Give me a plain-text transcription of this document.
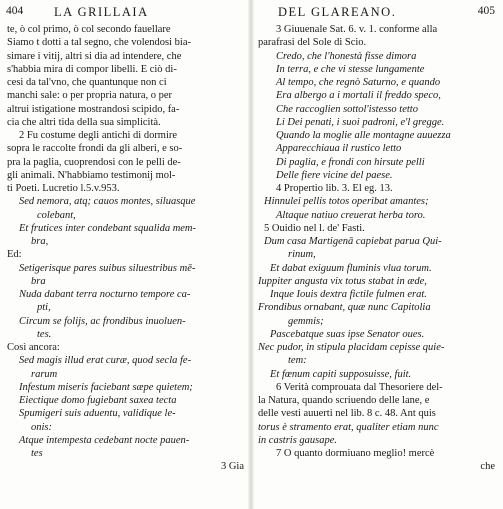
404 LA GRILLAIA
te, ò col primo, ò col secondo fauellare
Siamo t dotti a tal segno, che volendosi bia-
simare i vitij, altri si dia ad intendere, che
s'habbia mira di compor libelli. E ciò di-
cesi da tal'vno, che quantunque non ci
manchi sale: o per propria natura, o per
altrui istigatione mostrandosi scipido, fa-
cia che altri tida della sua simplicità.
2 Fu costume degli antichi di dormire
sopra le raccolte frondi da gli alberi, e so-
pra la paglia, cuoprendosi con le pelli de-
gli animali. N'habbiamo testimonij mol-
ti Poeti. Lucretio l.5.v.953.
Sed nemora, atq; cauos montes, siluasque
colebant,
Et frutices inter condebant squalida mem-
bra,
Ed:
Setigerisque pares suibus siluestribus mē-
bra
Nuda dabant terra nocturno tempore ca-
pti,
Circum se folijs, ac frondibus inuoluen-
tes.
Così ancora:
Sed magis illud erat curæ, quod secla fe-
rarum
Infestum miseris faciebant sæpe quietem;
Eiectique domo fugiebant saxea tecta
Spumigeri suis aduentu, validique le-
onis:
Atque intempesta cedebant nocte pauen-
tes
3 Gia
DEL GLAREANO.	405
3 Giuuenale Sat. 6. v. 1. conforme alla
parafrasi del Sole di Scio.
Credo, che l'honestà fisse dimora
In terra, e che vi stesse lungamente
Al tempo, che regnò Saturno, e quando
Era albergo a i mortali il freddo speco,
Che raccoglien sottol'istesso tetto
Li Dei penati, i suoi padroni, e'l gregge.
Quando la moglie alle montagne auuezza
Apparecchiaua il rustico letto
Di paglia, e frondi con hirsute pelli
Delle fiere vicine del paese.
4 Propertio lib. 3. El eg. 13.
Hinnulei pellis totos operibat amantes;
Altaque natiuo creuerat herba toro.
5 Ouidio nel l. de' Fasti.
Dum casa Martigenā capiebat parua Qui-
rinum,
Et dabat exiguum fluminis vlua torum.
Iuppiter angusta vix totus stabat in æde,
Inque Iouis dextra fictile fulmen erat.
Frondibus ornabant, quæ nunc Capitolia
gemmis;
Pascebatque suas ipse Senator oues.
Nec pudor, in stipula placidam cepisse quie-
tem:
Et fœnum capiti supposuisse, fuit.
6 Verità comprouata dal Thesoriere del-
la Natura, quando scriuendo delle lane, e
delle vesti auuerti nel lib. 8 c. 48. Ant quis
torus è stramento erat, qualiter etiam nunc
in castris gausape.
7 O quanto dormiuano meglio! mercè
che
